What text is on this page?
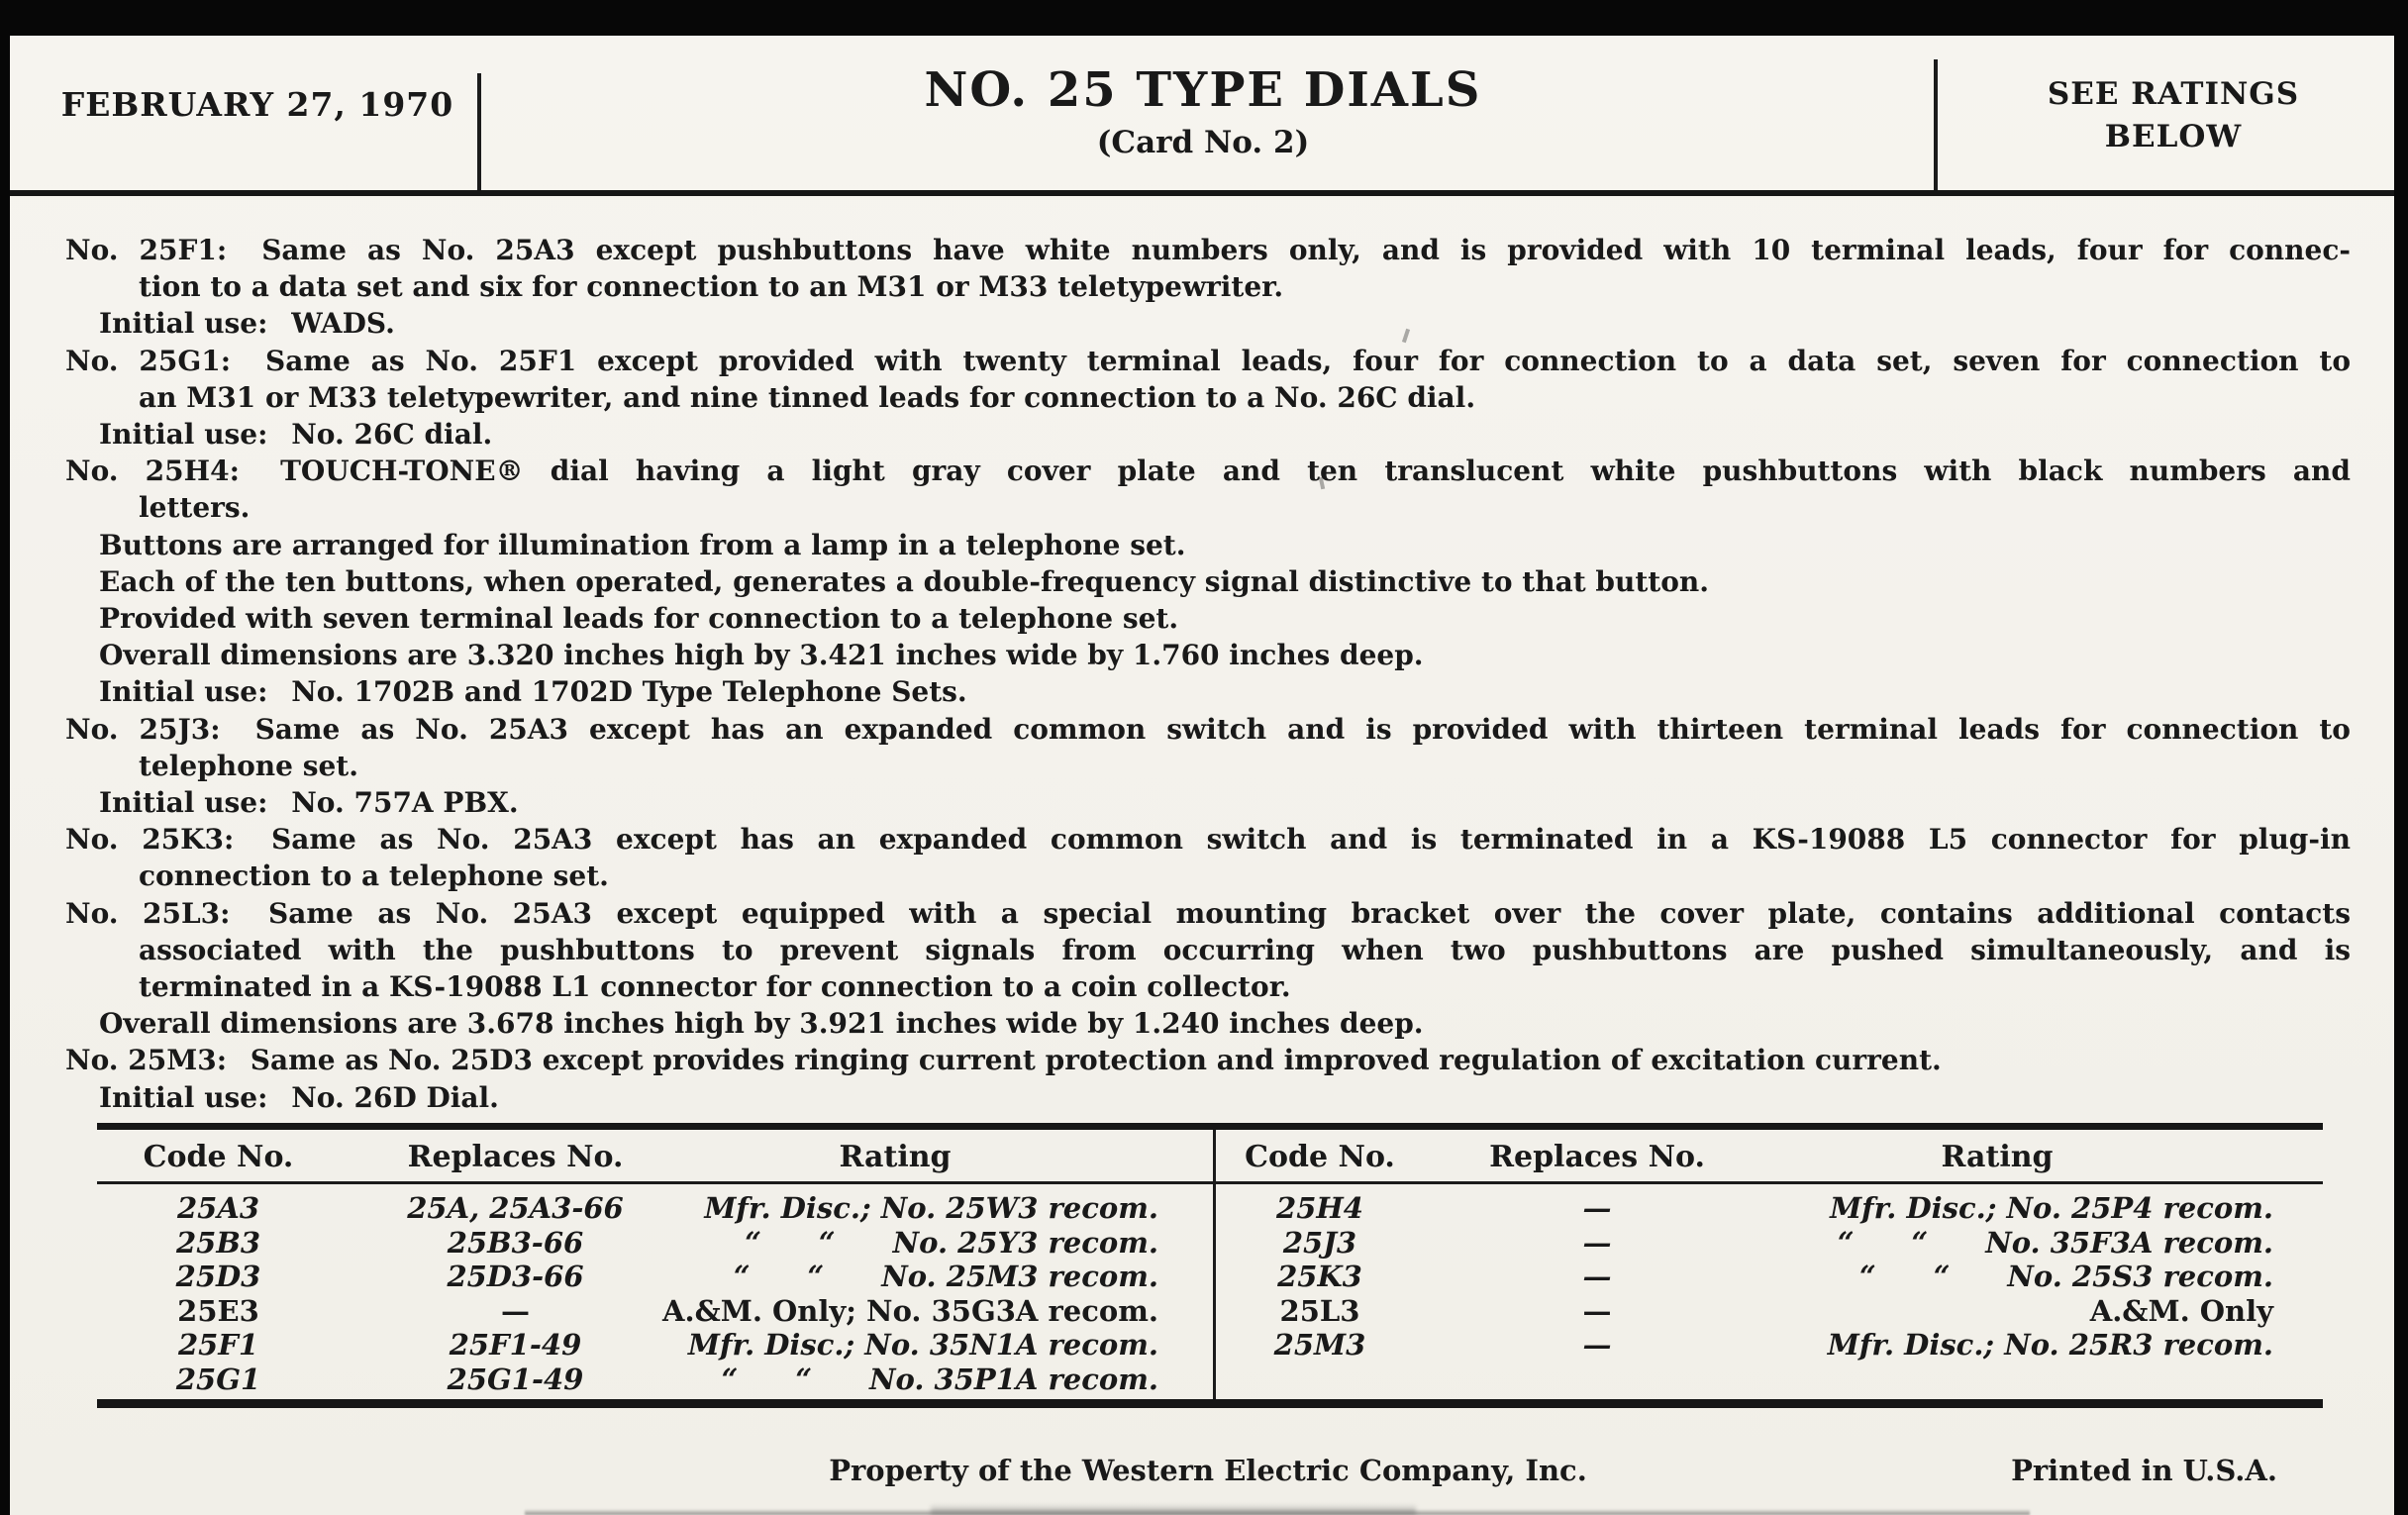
FEBRUARY 27, 1970	NO. 25 TYPE DIALS
(Card No. 2)
SEE RATINGS
BELOW
No. 25F1:  Same as No. 25A3 except pushbuttons have white numbers only, and is provided with 10 terminal leads, four for connec-
tion to a data set and six for connection to an M31 or M33 teletypewriter.
Initial use:  WADS.
No. 25G1:  Same as No. 25F1 except provided with twenty terminal leads, four for connection to a data set, seven for connection to
an M31 or M33 teletypewriter, and nine tinned leads for connection to a No. 26C dial.
Initial use:  No. 26C dial.
No. 25H4:  TOUCH-TONE® dial having a light gray cover plate and ten translucent white pushbuttons with black numbers and
letters.
Buttons are arranged for illumination from a lamp in a telephone set.
Each of the ten buttons, when operated, generates a double-frequency signal distinctive to that button.
Provided with seven terminal leads for connection to a telephone set.
Overall dimensions are 3.320 inches high by 3.421 inches wide by 1.760 inches deep.
Initial use:  No. 1702B and 1702D Type Telephone Sets.
No. 25J3:  Same as No. 25A3 except has an expanded common switch and is provided with thirteen terminal leads for connection to
telephone set.
Initial use:  No. 757A PBX.
No. 25K3:  Same as No. 25A3 except has an expanded common switch and is terminated in a KS-19088 L5 connector for plug-in
connection to a telephone set.
No. 25L3:  Same as No. 25A3 except equipped with a special mounting bracket over the cover plate, contains additional contacts
associated with the pushbuttons to prevent signals from occurring when two pushbuttons are pushed simultaneously, and is
terminated in a KS-19088 L1 connector for connection to a coin collector.
Overall dimensions are 3.678 inches high by 3.921 inches wide by 1.240 inches deep.
No. 25M3:  Same as No. 25D3 except provides ringing current protection and improved regulation of excitation current.
Initial use:  No. 26D Dial.
Code No.	Replaces No.	Rating
25A3	25A, 25A3-66	Mfr. Disc.; No. 25W3 recom.
25B3	25B3-66	“  “  No. 25Y3 recom.
25D3	25D3-66	“  “  No. 25M3 recom.
25E3	—	A.&M. Only; No. 35G3A recom.
25F1	25F1-49	Mfr. Disc.; No. 35N1A recom.
25G1	25G1-49	“  “  No. 35P1A recom.
Code No.	Replaces No.	Rating
25H4	—	Mfr. Disc.; No. 25P4 recom.
25J3	—	“  “  No. 35F3A recom.
25K3	—	“  “  No. 25S3 recom.
25L3	—	A.&M. Only
25M3	—	Mfr. Disc.; No. 25R3 recom.
Property of the Western Electric Company, Inc.	Printed in U.S.A.
